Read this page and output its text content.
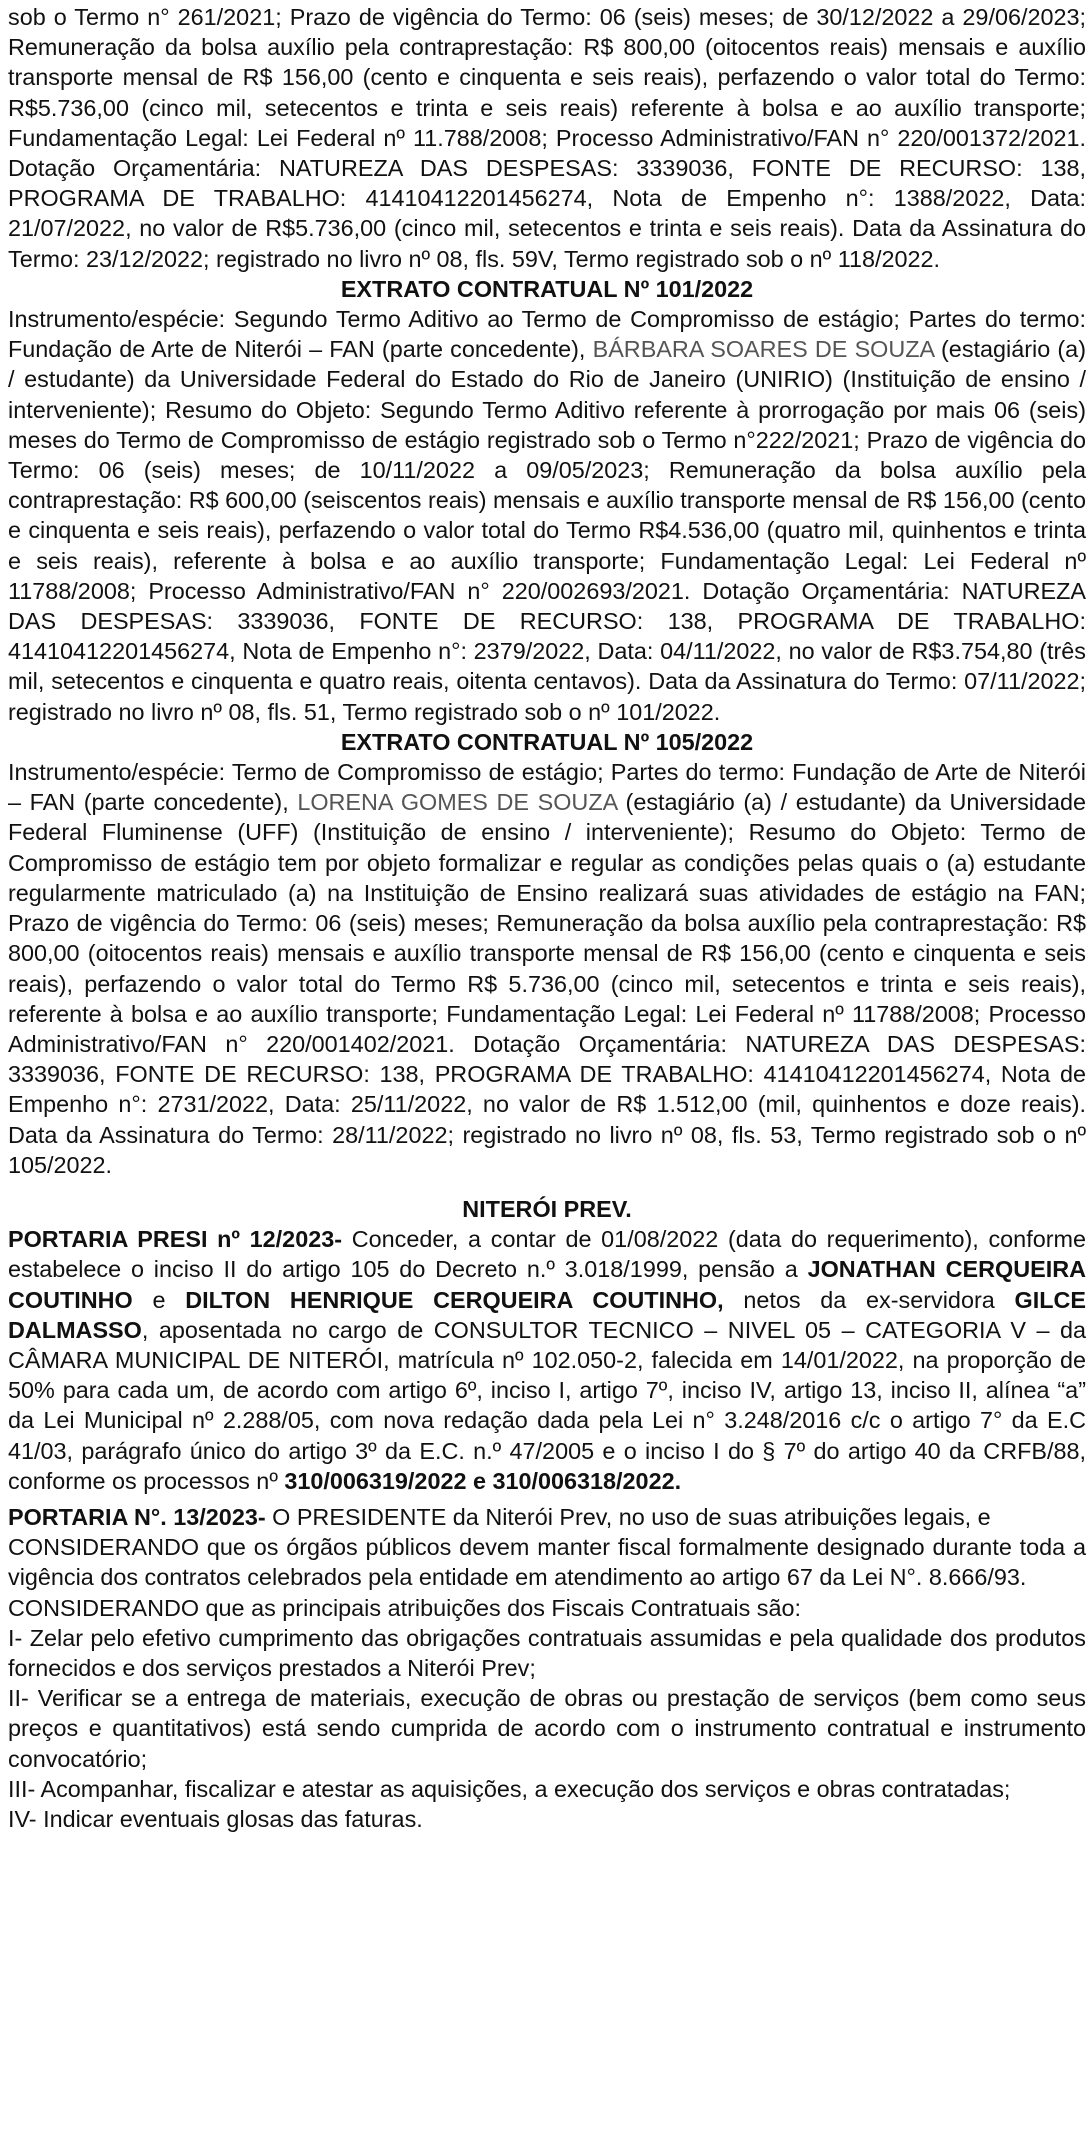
sob o Termo n° 261/2021; Prazo de vigência do Termo: 06 (seis) meses; de 30/12/2022 a 29/06/2023; Remuneração da bolsa auxílio pela contraprestação: R$ 800,00 (oitocentos reais) mensais e auxílio transporte mensal de R$ 156,00 (cento e cinquenta e seis reais), perfazendo o valor total do Termo: R$5.736,00 (cinco mil, setecentos e trinta e seis reais) referente à bolsa e ao auxílio transporte; Fundamentação Legal: Lei Federal nº 11.788/2008; Processo Administrativo/FAN n° 220/001372/2021. Dotação Orçamentária: NATUREZA DAS DESPESAS: 3339036, FONTE DE RECURSO: 138, PROGRAMA DE TRABALHO: 41410412201456274, Nota de Empenho n°: 1388/2022, Data: 21/07/2022, no valor de R$5.736,00 (cinco mil, setecentos e trinta e seis reais). Data da Assinatura do Termo: 23/12/2022; registrado no livro nº 08, fls. 59V, Termo registrado sob o nº 118/2022.

EXTRATO CONTRATUAL Nº 101/2022

Instrumento/espécie: Segundo Termo Aditivo ao Termo de Compromisso de estágio; Partes do termo: Fundação de Arte de Niterói – FAN (parte concedente), BÁRBARA SOARES DE SOUZA (estagiário (a) / estudante) da Universidade Federal do Estado do Rio de Janeiro (UNIRIO) (Instituição de ensino / interveniente); Resumo do Objeto: Segundo Termo Aditivo referente à prorrogação por mais 06 (seis) meses do Termo de Compromisso de estágio registrado sob o Termo n°222/2021; Prazo de vigência do Termo: 06 (seis) meses; de 10/11/2022 a 09/05/2023; Remuneração da bolsa auxílio pela contraprestação: R$ 600,00 (seiscentos reais) mensais e auxílio transporte mensal de R$ 156,00 (cento e cinquenta e seis reais), perfazendo o valor total do Termo R$4.536,00 (quatro mil, quinhentos e trinta e seis reais), referente à bolsa e ao auxílio transporte; Fundamentação Legal: Lei Federal nº 11788/2008; Processo Administrativo/FAN n° 220/002693/2021. Dotação Orçamentária: NATUREZA DAS DESPESAS: 3339036, FONTE DE RECURSO: 138, PROGRAMA DE TRABALHO: 41410412201456274, Nota de Empenho n°: 2379/2022, Data: 04/11/2022, no valor de R$3.754,80 (três mil, setecentos e cinquenta e quatro reais, oitenta centavos). Data da Assinatura do Termo: 07/11/2022; registrado no livro nº 08, fls. 51, Termo registrado sob o nº 101/2022.

EXTRATO CONTRATUAL Nº 105/2022

Instrumento/espécie: Termo de Compromisso de estágio; Partes do termo: Fundação de Arte de Niterói – FAN (parte concedente), LORENA GOMES DE SOUZA (estagiário (a) / estudante) da Universidade Federal Fluminense (UFF) (Instituição de ensino / interveniente); Resumo do Objeto: Termo de Compromisso de estágio tem por objeto formalizar e regular as condições pelas quais o (a) estudante regularmente matriculado (a) na Instituição de Ensino realizará suas atividades de estágio na FAN; Prazo de vigência do Termo: 06 (seis) meses; Remuneração da bolsa auxílio pela contraprestação: R$ 800,00 (oitocentos reais) mensais e auxílio transporte mensal de R$ 156,00 (cento e cinquenta e seis reais), perfazendo o valor total do Termo R$ 5.736,00 (cinco mil, setecentos e trinta e seis reais), referente à bolsa e ao auxílio transporte; Fundamentação Legal: Lei Federal nº 11788/2008; Processo Administrativo/FAN n° 220/001402/2021. Dotação Orçamentária: NATUREZA DAS DESPESAS: 3339036, FONTE DE RECURSO: 138, PROGRAMA DE TRABALHO: 41410412201456274, Nota de Empenho n°: 2731/2022, Data: 25/11/2022, no valor de R$ 1.512,00 (mil, quinhentos e doze reais). Data da Assinatura do Termo: 28/11/2022; registrado no livro nº 08, fls. 53, Termo registrado sob o nº 105/2022.

NITERÓI PREV.

PORTARIA PRESI nº 12/2023- Conceder, a contar de 01/08/2022 (data do requerimento), conforme estabelece o inciso II do artigo 105 do Decreto n.º 3.018/1999, pensão a JONATHAN CERQUEIRA COUTINHO e DILTON HENRIQUE CERQUEIRA COUTINHO, netos da ex-servidora GILCE DALMASSO, aposentada no cargo de CONSULTOR TECNICO – NIVEL 05 – CATEGORIA V – da CÂMARA MUNICIPAL DE NITERÓI, matrícula nº 102.050-2, falecida em 14/01/2022, na proporção de 50% para cada um, de acordo com artigo 6º, inciso I, artigo 7º, inciso IV, artigo 13, inciso II, alínea “a” da Lei Municipal nº 2.288/05, com nova redação dada pela Lei n° 3.248/2016 c/c o artigo 7° da E.C 41/03, parágrafo único do artigo 3º da E.C. n.º 47/2005 e o inciso I do § 7º do artigo 40 da CRFB/88, conforme os processos nº 310/006319/2022 e 310/006318/2022.

PORTARIA N°. 13/2023- O PRESIDENTE da Niterói Prev, no uso de suas atribuições legais, e

CONSIDERANDO que os órgãos públicos devem manter fiscal formalmente designado durante toda a vigência dos contratos celebrados pela entidade em atendimento ao artigo 67 da Lei N°. 8.666/93.

CONSIDERANDO que as principais atribuições dos Fiscais Contratuais são:

I- Zelar pelo efetivo cumprimento das obrigações contratuais assumidas e pela qualidade dos produtos fornecidos e dos serviços prestados a Niterói Prev;

II- Verificar se a entrega de materiais, execução de obras ou prestação de serviços (bem como seus preços e quantitativos) está sendo cumprida de acordo com o instrumento contratual e instrumento convocatório;

III- Acompanhar, fiscalizar e atestar as aquisições, a execução dos serviços e obras contratadas;

IV- Indicar eventuais glosas das faturas.
